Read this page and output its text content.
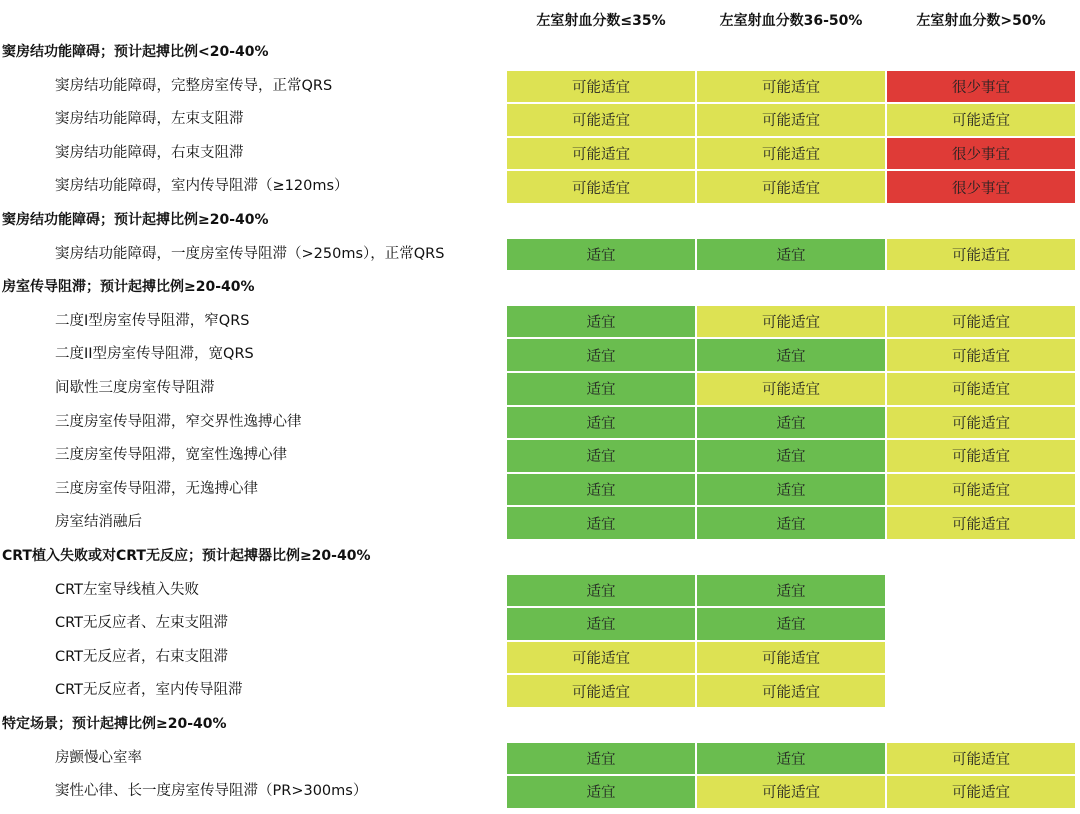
左室射血分数≤35%	左室射血分数36-50%	左室射血分数>50%
窦房结功能障碍；预计起搏比例<20-40%
窦房结功能障碍，完整房室传导，正常QRS	可能适宜	可能适宜	很少事宜
窦房结功能障碍，左束支阻滞	可能适宜	可能适宜	可能适宜
窦房结功能障碍，右束支阻滞	可能适宜	可能适宜	很少事宜
窦房结功能障碍，室内传导阻滞（≥120ms）	可能适宜	可能适宜	很少事宜
窦房结功能障碍；预计起搏比例≥20-40%
窦房结功能障碍，一度房室传导阻滞（>250ms），正常QRS	适宜	适宜	可能适宜
房室传导阻滞；预计起搏比例≥20-40%
二度I型房室传导阻滞，窄QRS	适宜	可能适宜	可能适宜
二度II型房室传导阻滞，宽QRS	适宜	适宜	可能适宜
间歇性三度房室传导阻滞	适宜	可能适宜	可能适宜
三度房室传导阻滞，窄交界性逸搏心律	适宜	适宜	可能适宜
三度房室传导阻滞，宽室性逸搏心律	适宜	适宜	可能适宜
三度房室传导阻滞，无逸搏心律	适宜	适宜	可能适宜
房室结消融后	适宜	适宜	可能适宜
CRT植入失败或对CRT无反应；预计起搏器比例≥20-40%
CRT左室导线植入失败	适宜	适宜
CRT无反应者、左束支阻滞	适宜	适宜
CRT无反应者，右束支阻滞	可能适宜	可能适宜
CRT无反应者，室内传导阻滞	可能适宜	可能适宜
特定场景；预计起搏比例≥20-40%
房颤慢心室率	适宜	适宜	可能适宜
窦性心律、长一度房室传导阻滞（PR>300ms）	适宜	可能适宜	可能适宜
